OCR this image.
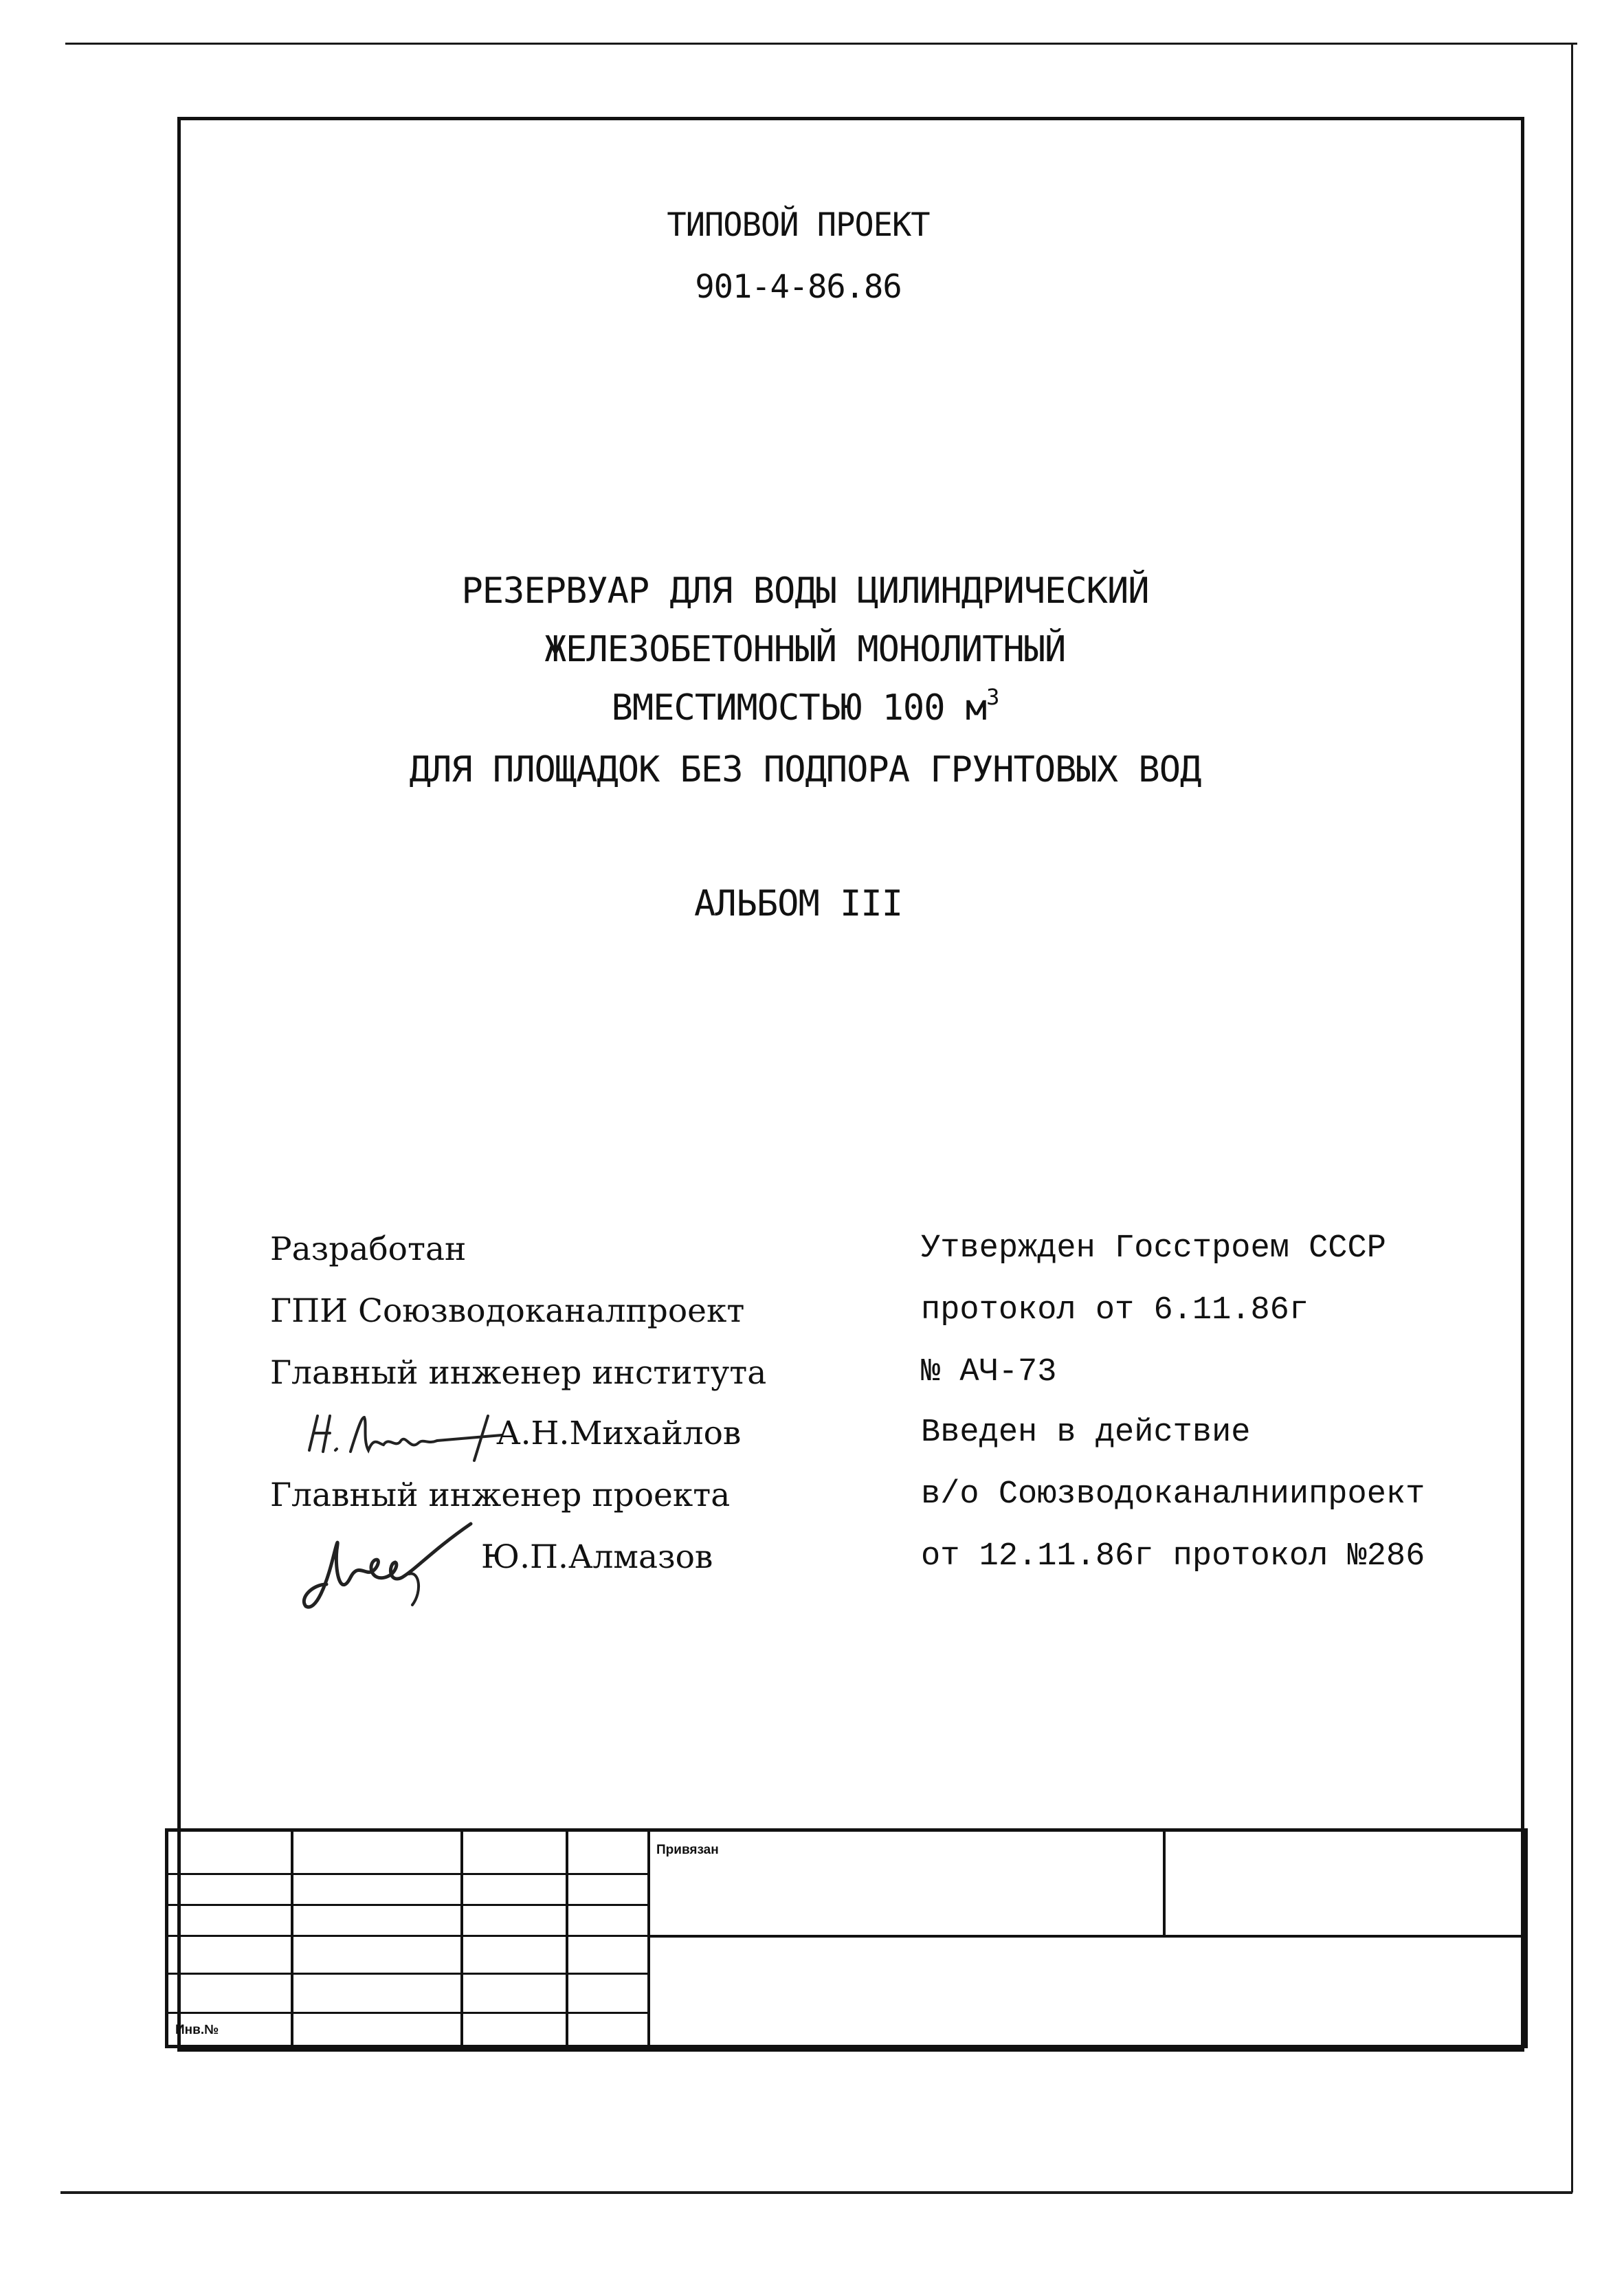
ТИПОВОЙ ПРОЕКТ
901-4-86.86
РЕЗЕРВУАР ДЛЯ ВОДЫ ЦИЛИНДРИЧЕСКИЙ
ЖЕЛЕЗОБЕТОННЫЙ МОНОЛИТНЫЙ
ВМЕСТИМОСТЬЮ 100 $м^3$
ДЛЯ ПЛОЩАДОК БЕЗ ПОДПОРА ГРУНТОВЫХ ВОД
АЛЬБОМ III
Разработан
ГПИ Союзводоканалпроект
Главный инженер института
А.Н.Михайлов
Главный инженер проекта
Ю.П.Алмазов
Утвержден Госстроем СССР
протокол от 6.11.86г
№ АЧ-73
Введен в действие
в/о Союзводоканалниипроект
от 12.11.86г протокол №286
Привязан
Инв.№
